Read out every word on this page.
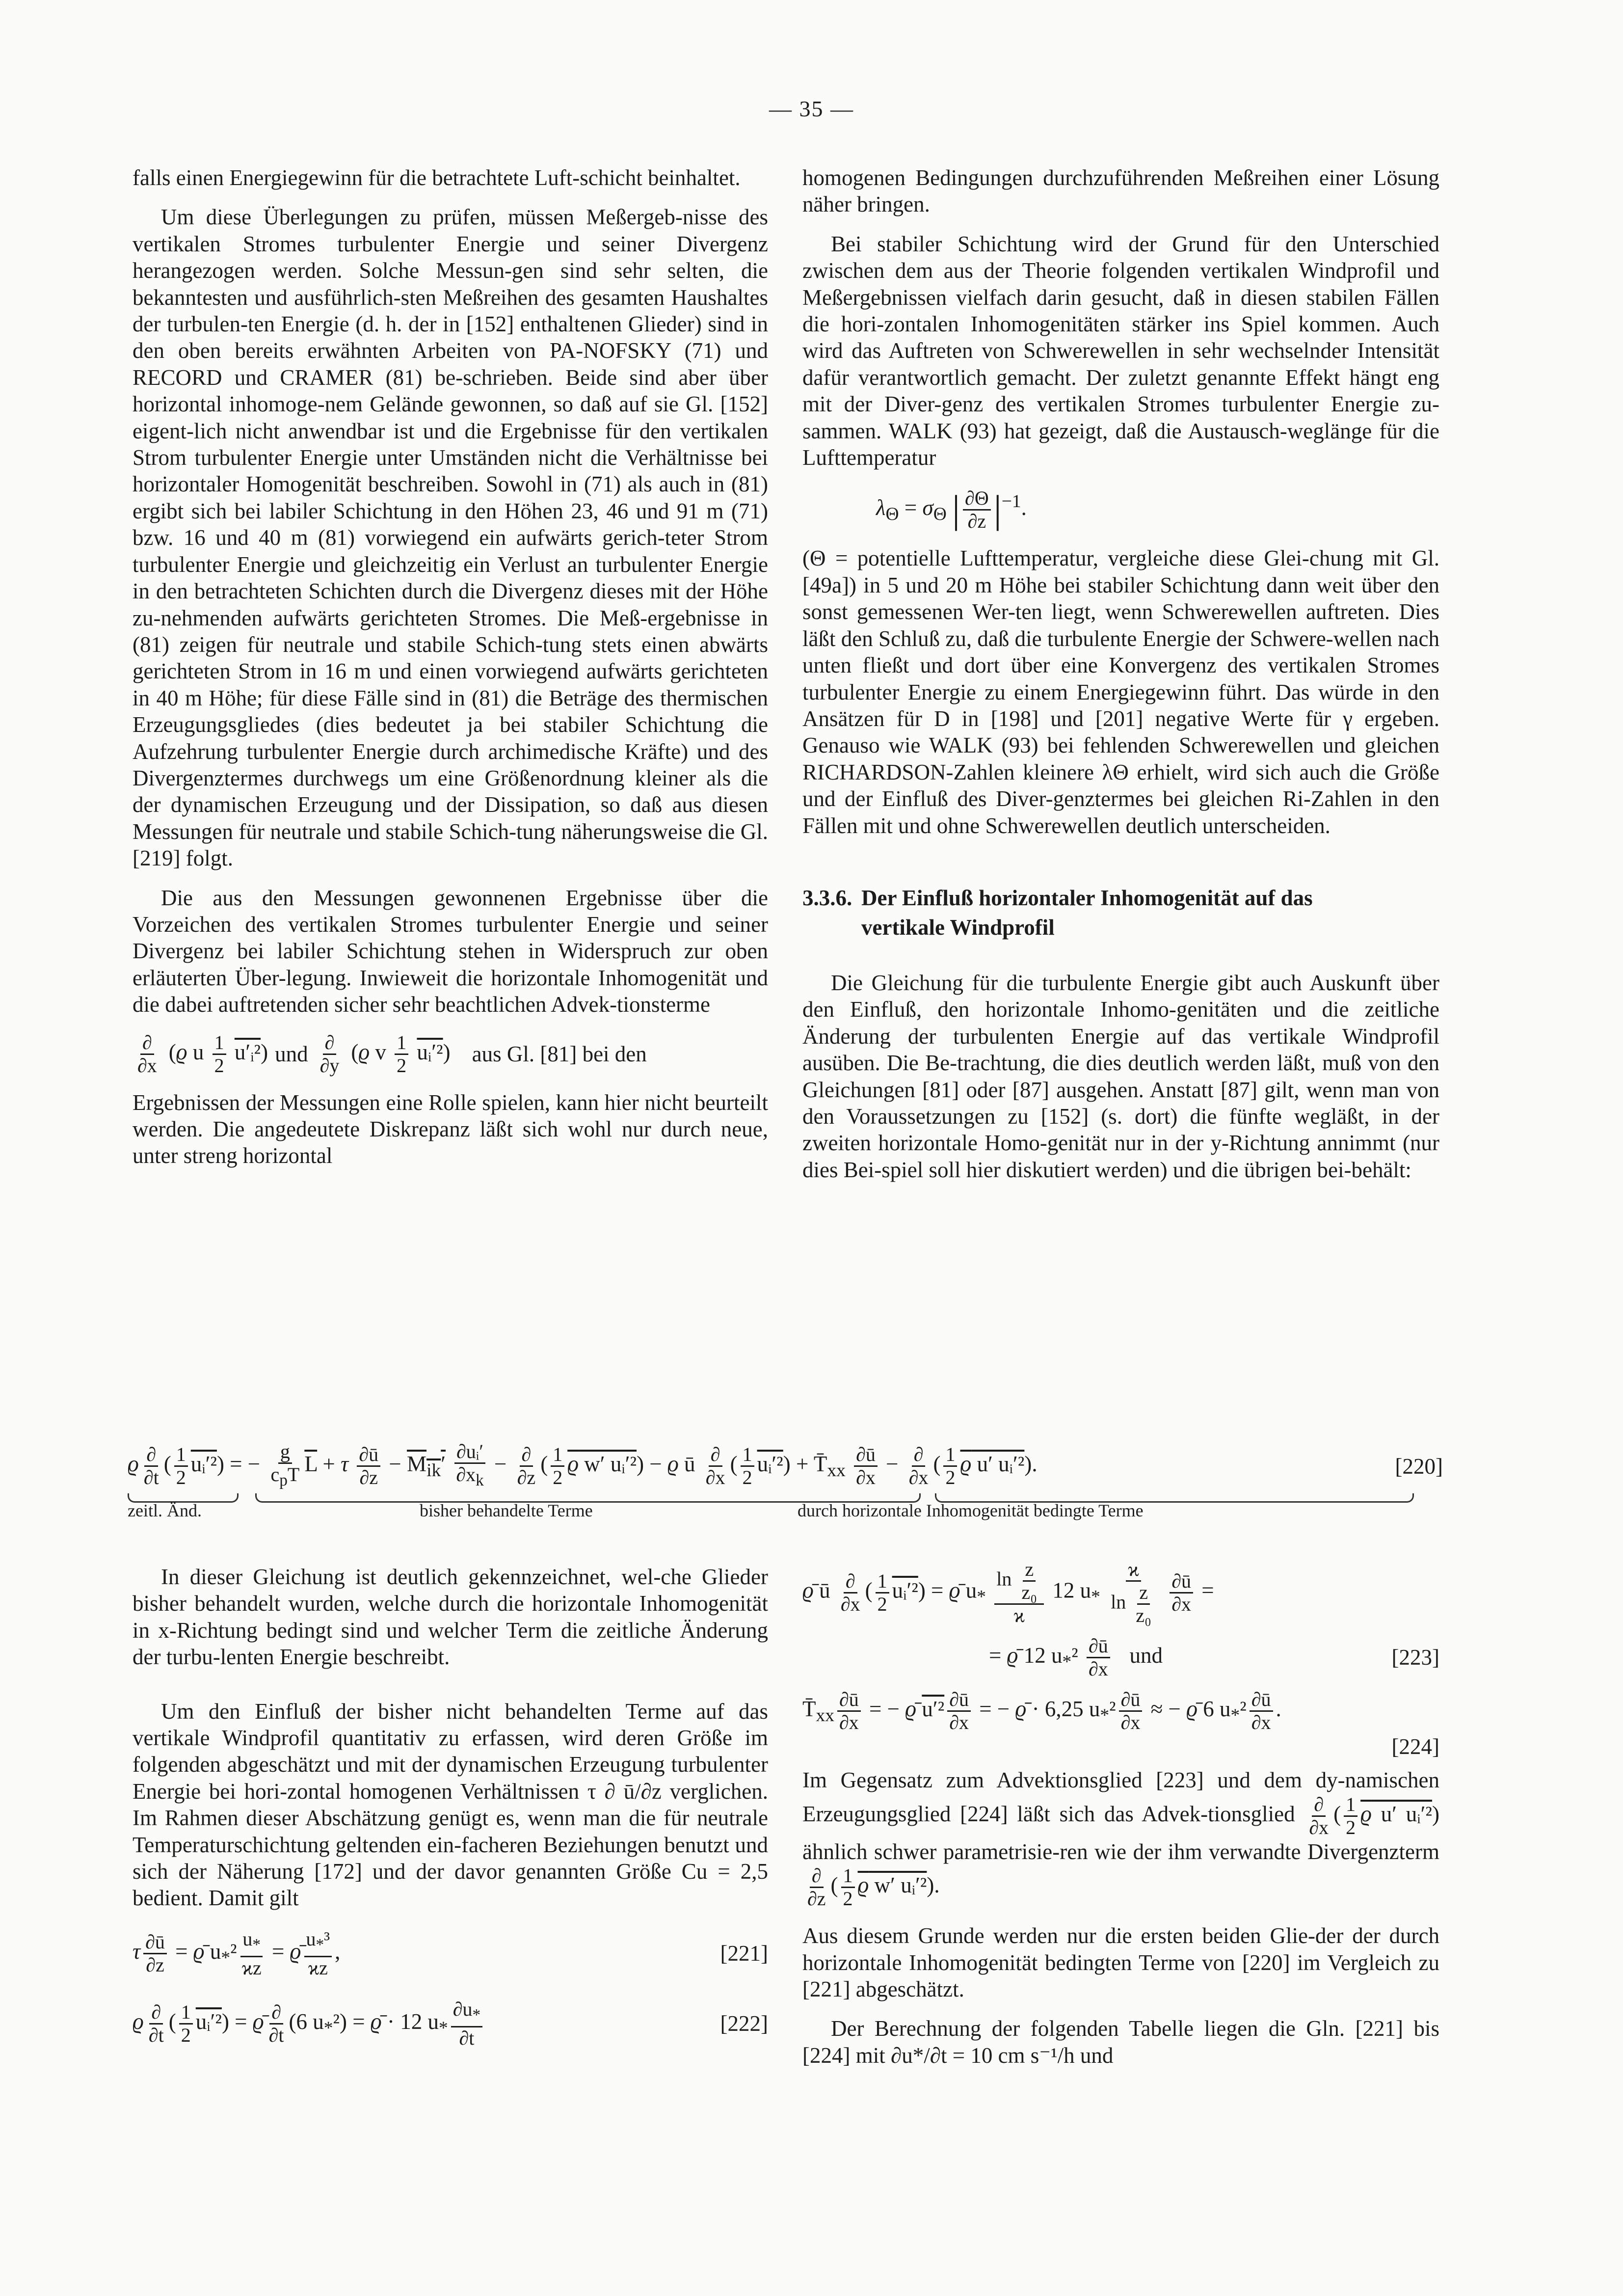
— 35 —

falls einen Energiegewinn für die betrachtete Luft-schicht beinhaltet.

Um diese Überlegungen zu prüfen, müssen Meßergeb-nisse des vertikalen Stromes turbulenter Energie und seiner Divergenz herangezogen werden. Solche Messun-gen sind sehr selten, die bekanntesten und ausführlich-sten Meßreihen des gesamten Haushaltes der turbulen-ten Energie (d. h. der in [152] enthaltenen Glieder) sind in den oben bereits erwähnten Arbeiten von PA-NOFSKY (71) und RECORD und CRAMER (81) be-schrieben. Beide sind aber über horizontal inhomoge-nem Gelände gewonnen, so daß auf sie Gl. [152] eigent-lich nicht anwendbar ist und die Ergebnisse für den vertikalen Strom turbulenter Energie unter Umständen nicht die Verhältnisse bei horizontaler Homogenität beschreiben. Sowohl in (71) als auch in (81) ergibt sich bei labiler Schichtung in den Höhen 23, 46 und 91 m (71) bzw. 16 und 40 m (81) vorwiegend ein aufwärts gerich-teter Strom turbulenter Energie und gleichzeitig ein Verlust an turbulenter Energie in den betrachteten Schichten durch die Divergenz dieses mit der Höhe zu-nehmenden aufwärts gerichteten Stromes. Die Meß-ergebnisse in (81) zeigen für neutrale und stabile Schich-tung stets einen abwärts gerichteten Strom in 16 m und einen vorwiegend aufwärts gerichteten in 40 m Höhe; für diese Fälle sind in (81) die Beträge des thermischen Erzeugungsgliedes (dies bedeutet ja bei stabiler Schichtung die Aufzehrung turbulenter Energie durch archimedische Kräfte) und des Divergenztermes durchwegs um eine Größenordnung kleiner als die der dynamischen Erzeugung und der Dissipation, so daß aus diesen Messungen für neutrale und stabile Schich-tung näherungsweise die Gl. [219] folgt.

Die aus den Messungen gewonnenen Ergebnisse über die Vorzeichen des vertikalen Stromes turbulenter Energie und seiner Divergenz bei labiler Schichtung stehen in Widerspruch zur oben erläuterten Über-legung. Inwieweit die horizontale Inhomogenität und die dabei auftretenden sicher sehr beachtlichen Advek-tionsterme

$\frac{\partial}{\partial x} (ϱ$ u $\frac{1}{2}$ u′ᵢ²) und $\frac{\partial}{\partial y} (ϱ$ v $\frac{1}{2}$ uᵢ′²) aus Gl. [81] bei den

Ergebnissen der Messungen eine Rolle spielen, kann hier nicht beurteilt werden. Die angedeutete Diskrepanz läßt sich wohl nur durch neue, unter streng horizontal

homogenen Bedingungen durchzuführenden Meßreihen einer Lösung näher bringen.

Bei stabiler Schichtung wird der Grund für den Unterschied zwischen dem aus der Theorie folgenden vertikalen Windprofil und Meßergebnissen vielfach darin gesucht, daß in diesen stabilen Fällen die hori-zontalen Inhomogenitäten stärker ins Spiel kommen. Auch wird das Auftreten von Schwerewellen in sehr wechselnder Intensität dafür verantwortlich gemacht. Der zuletzt genannte Effekt hängt eng mit der Diver-genz des vertikalen Stromes turbulenter Energie zu-sammen. WALK (93) hat gezeigt, daß die Austausch-weglänge für die Lufttemperatur

$\lambda_\Theta = \sigma_\Theta$ | $\frac{\partial\Theta}{\partial z} |^{-1}$.

(Θ = potentielle Lufttemperatur, vergleiche diese Glei-chung mit Gl. [49a]) in 5 und 20 m Höhe bei stabiler Schichtung dann weit über den sonst gemessenen Wer-ten liegt, wenn Schwerewellen auftreten. Dies läßt den Schluß zu, daß die turbulente Energie der Schwere-wellen nach unten fließt und dort über eine Konvergenz des vertikalen Stromes turbulenter Energie zu einem Energiegewinn führt. Das würde in den Ansätzen für D in [198] und [201] negative Werte für γ ergeben. Genauso wie WALK (93) bei fehlenden Schwerewellen und gleichen RICHARDSON-Zahlen kleinere λΘ erhielt, wird sich auch die Größe und der Einfluß des Diver-genztermes bei gleichen Ri-Zahlen in den Fällen mit und ohne Schwerewellen deutlich unterscheiden.

3.3.6. Der Einfluß horizontaler Inhomogenität auf das
vertikale Windprofil

Die Gleichung für die turbulente Energie gibt auch Auskunft über den Einfluß, den horizontale Inhomo-genitäten und die zeitliche Änderung der turbulenten Energie auf das vertikale Windprofil ausüben. Die Be-trachtung, die dies deutlich werden läßt, muß von den Gleichungen [81] oder [87] ausgehen. Anstatt [87] gilt, wenn man von den Voraussetzungen zu [152] (s. dort) die fünfte wegläßt, in der zweiten horizontale Homo-genität nur in der y-Richtung annimmt (nur dies Bei-spiel soll hier diskutiert werden) und die übrigen bei-behält:

ϱ $\frac{\partial}{\partial t}$ ( $\frac{1}{2}$ uᵢ′²) = − $\frac{g}{c_pT} \overline{L} + \tau \frac{\partial ū}{\partial z} - M_{ik}' \frac{\text{∂uᵢ′}}{\partial x_k} - \frac{\partial}{\partial z}$ ( $\frac{1}{2}$ ϱ w′ uᵢ′²) − ϱ ū $\frac{\partial}{\partial x}$ ( $\frac{1}{2}$ uᵢ′²) + $T̄_{xx} \frac{\partial ū}{\partial x} - \frac{\partial}{\partial x}$ ( $\frac{1}{2}$ ϱ u′ uᵢ′²).	[220]
zeitl. Änd.	bisher behandelte Terme	durch horizontale Inhomogenität bedingte Terme

In dieser Gleichung ist deutlich gekennzeichnet, wel-che Glieder bisher behandelt wurden, welche durch die horizontale Inhomogenität in x-Richtung bedingt sind und welcher Term die zeitliche Änderung der turbu-lenten Energie beschreibt.

Um den Einfluß der bisher nicht behandelten Terme auf das vertikale Windprofil quantitativ zu erfassen, wird deren Größe im folgenden abgeschätzt und mit der dynamischen Erzeugung turbulenter Energie bei hori-zontal homogenen Verhältnissen τ ∂ ū/∂z verglichen. Im Rahmen dieser Abschätzung genügt es, wenn man die für neutrale Temperaturschichtung geltenden ein-facheren Beziehungen benutzt und sich der Näherung [172] und der davor genannten Größe Cu = 2,5 bedient. Damit gilt

τ $\frac{\partial ū}{\partial z}$ = ϱ̄ $u_*^2 \frac{u_*}{ϰz}$ = ϱ̄ $\frac{u_*^3}{ϰz}$ ,	[221]
ϱ $\frac{\partial}{\partial t}$ ( $\frac{1}{2}$ uᵢ′²) = ϱ̄ $\frac{\partial}{\partial t} (6$ $u_*^2$) = ϱ̄ · 12 $u_* \frac{\partial u_*}{\partial t}$	[222]
ϱ̄ ū $\frac{\partial}{\partial x}$ ( $\frac{1}{2}$ uᵢ′²) = ϱ̄ $u_* \frac{\ln \frac{z}{\text{z₀}}}{ϰ} 12$ $u_* \frac{ϰ}{\ln \frac{z}{\text{z₀}}}$
$\frac{\partial ū}{\partial x}$ =
= ϱ̄ 12 $u_*^2 \frac{\partial ū}{\partial x}$ und	[223]
$T̄_{xx} \frac{\partial ū}{\partial x}$ = − ϱ̄ $u'^2 \frac{\partial ū}{\partial x}$ = − ϱ̄ · 6,25 $u_*^2 \frac{\partial ū}{\partial x}$ ≈ − ϱ̄ 6 $u_*^2 \frac{\partial ū}{\partial x}$ .
[224]

Im Gegensatz zum Advektionsglied [223] und dem dy-namischen Erzeugungsglied [224] läßt sich das Advek-tionsglied $\frac{\partial}{\partial x}$ ( $\frac{1}{2}$ ϱ u′ uᵢ′²) ähnlich schwer parametrisie-ren wie der ihm verwandte Divergenzterm
$\frac{\partial}{\partial z}$ ( $\frac{1}{2}$ ϱ w′ uᵢ′²).

Aus diesem Grunde werden nur die ersten beiden Glie-der der durch horizontale Inhomogenität bedingten Terme von [220] im Vergleich zu [221] abgeschätzt.

Der Berechnung der folgenden Tabelle liegen die Gln. [221] bis [224] mit ∂u*/∂t = 10 cm s⁻¹/h und
